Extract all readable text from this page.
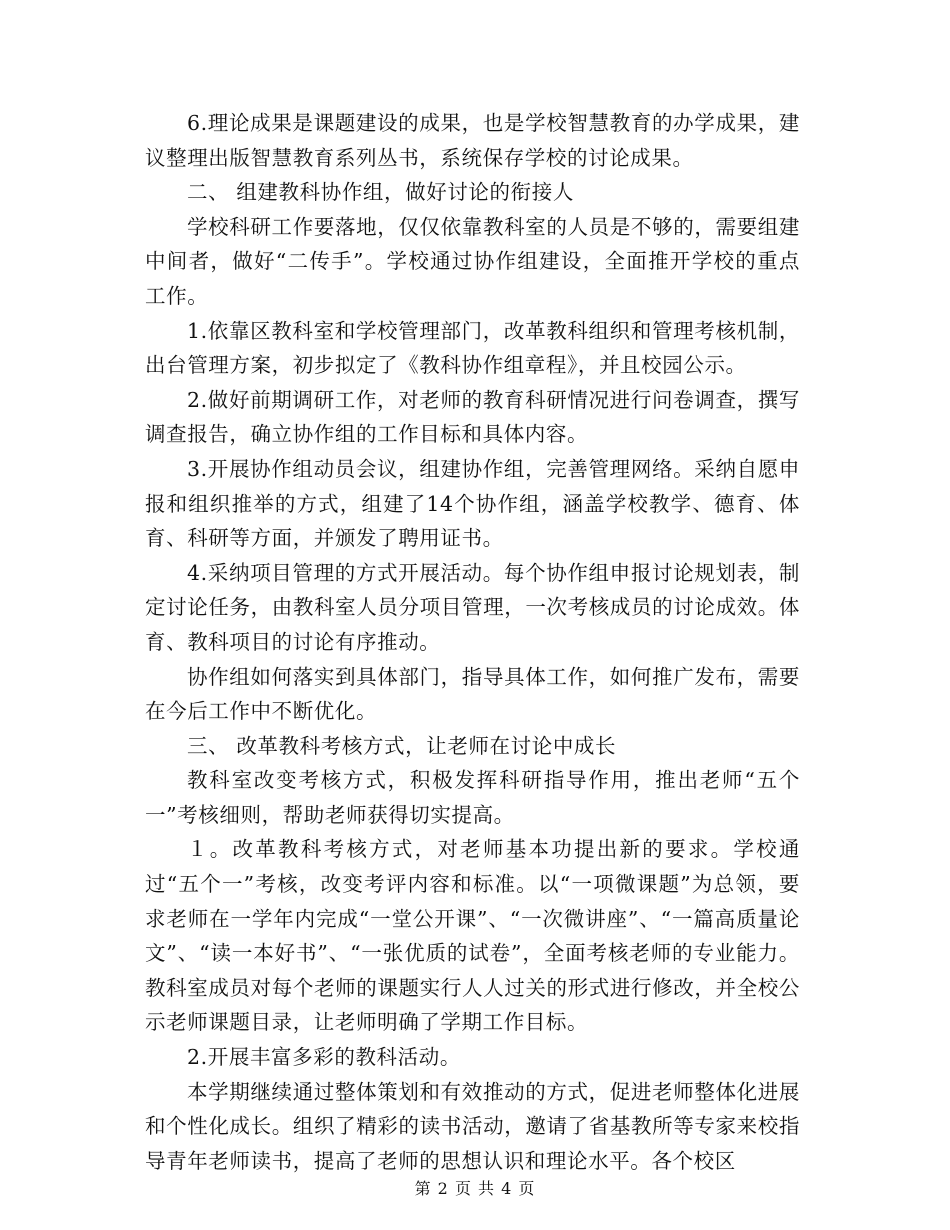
6.理论成果是课题建设的成果，也是学校智慧教育的办学成果，建议整理出版智慧教育系列丛书，系统保存学校的讨论成果。

二、 组建教科协作组，做好讨论的衔接人

学校科研工作要落地，仅仅依靠教科室的人员是不够的，需要组建中间者，做好“二传手”。学校通过协作组建设，全面推开学校的重点工作。

1.依靠区教科室和学校管理部门，改革教科组织和管理考核机制，出台管理方案，初步拟定了《教科协作组章程》，并且校园公示。

2.做好前期调研工作，对老师的教育科研情况进行问卷调查，撰写调查报告，确立协作组的工作目标和具体内容。

3.开展协作组动员会议，组建协作组，完善管理网络。采纳自愿申报和组织推举的方式，组建了14个协作组，涵盖学校教学、德育、体育、科研等方面，并颁发了聘用证书。

4.采纳项目管理的方式开展活动。每个协作组申报讨论规划表，制定讨论任务，由教科室人员分项目管理，一次考核成员的讨论成效。体育、教科项目的讨论有序推动。

协作组如何落实到具体部门，指导具体工作，如何推广发布，需要在今后工作中不断优化。

三、 改革教科考核方式，让老师在讨论中成长

教科室改变考核方式，积极发挥科研指导作用，推出老师“五个一”考核细则，帮助老师获得切实提高。

１。改革教科考核方式，对老师基本功提出新的要求。学校通过“五个一”考核，改变考评内容和标准。以“一项微课题”为总领，要求老师在一学年内完成“一堂公开课”、“一次微讲座”、“一篇高质量论文”、“读一本好书”、“一张优质的试卷”，全面考核老师的专业能力。教科室成员对每个老师的课题实行人人过关的形式进行修改，并全校公示老师课题目录，让老师明确了学期工作目标。

2.开展丰富多彩的教科活动。

本学期继续通过整体策划和有效推动的方式，促进老师整体化进展和个性化成长。组织了精彩的读书活动，邀请了省基教所等专家来校指导青年老师读书，提高了老师的思想认识和理论水平。各个校区

第 2 页 共 4 页
